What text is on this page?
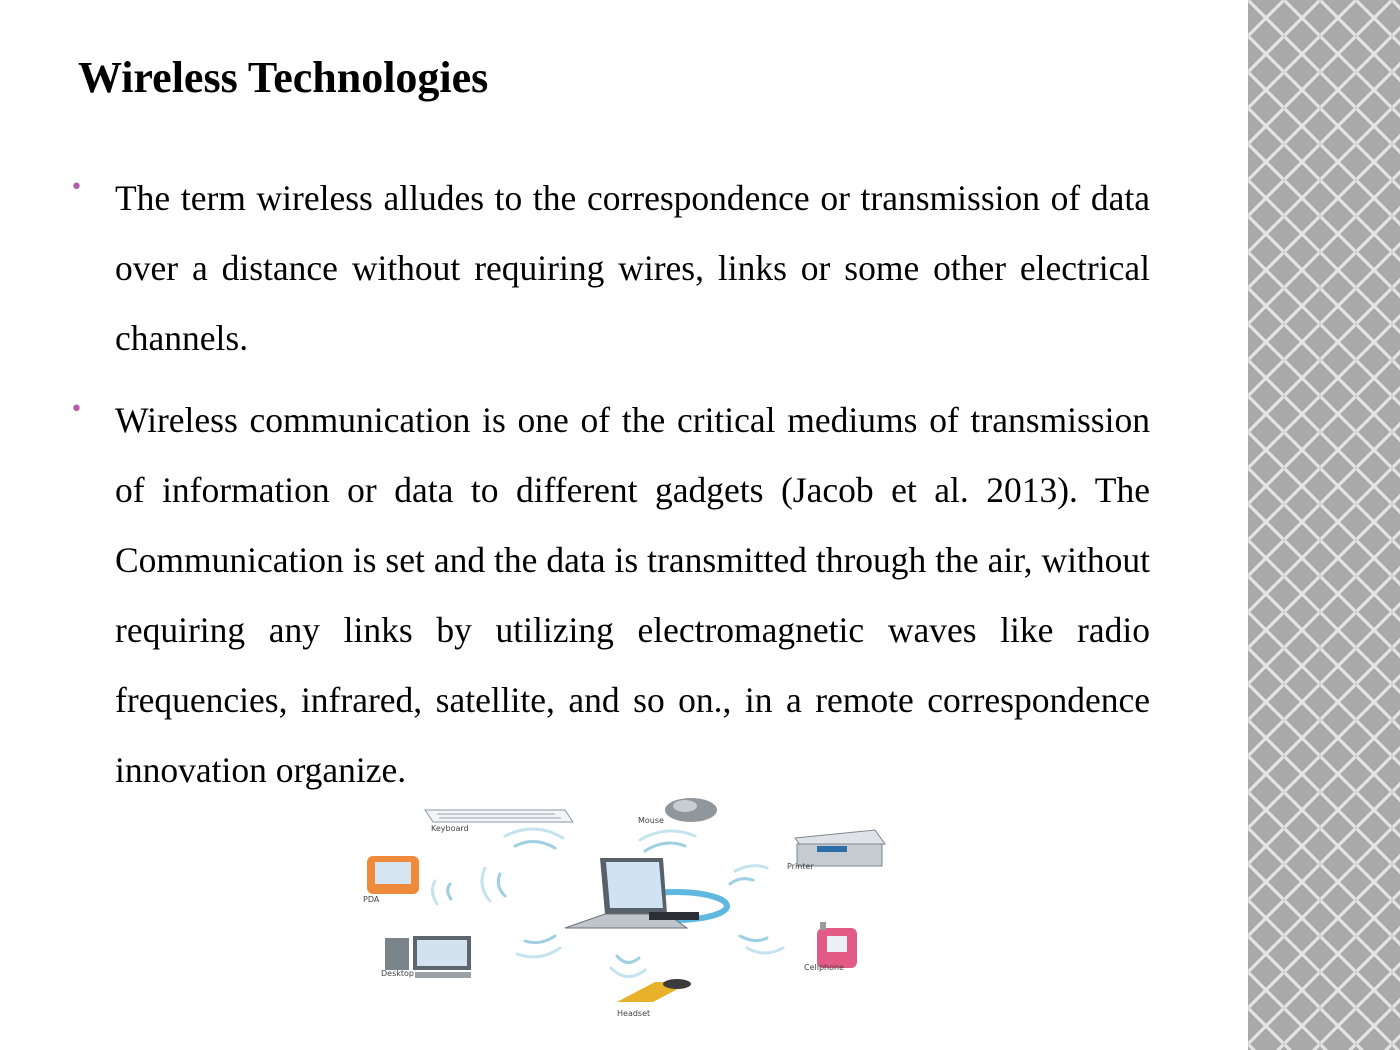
Wireless Technologies
• The term wireless alludes to the correspondence or transmission of data over a distance without requiring wires, links or some other electrical channels.
• Wireless communication is one of the critical mediums of transmission of information or data to different gadgets (Jacob et al. 2013). The Communication is set and the data is transmitted through the air, without requiring any links by utilizing electromagnetic waves like radio frequencies, infrared, satellite, and so on., in a remote correspondence innovation organize.
Keyboard
Mouse
Printer
PDA
Desktop
Cellphone
Headset
